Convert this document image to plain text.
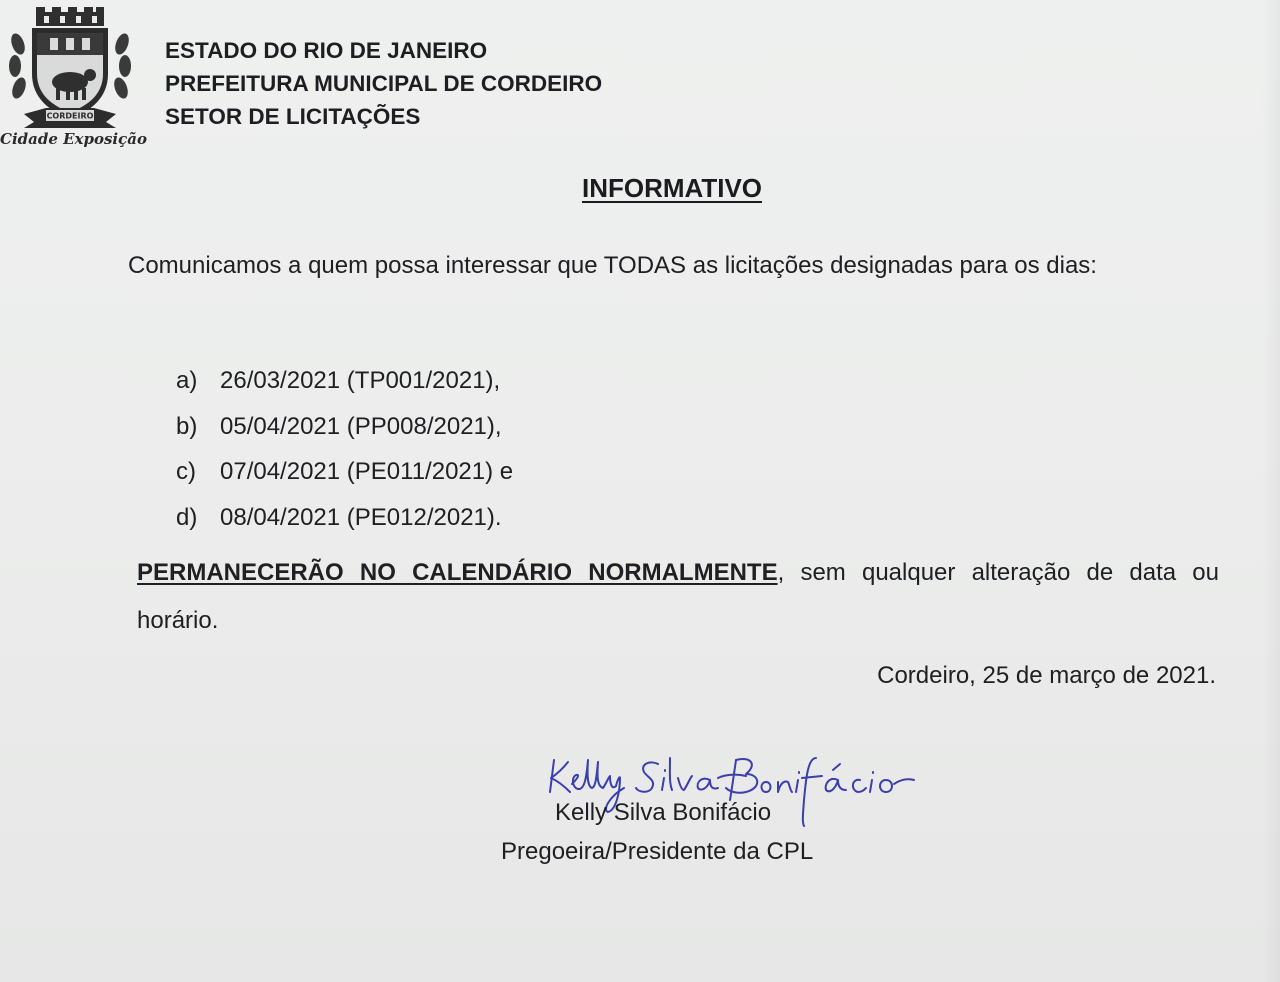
CORDEIRO
Cidade Exposição
ESTADO DO RIO DE JANEIRO
PREFEITURA MUNICIPAL DE CORDEIRO
SETOR DE LICITAÇÕES
INFORMATIVO
Comunicamos a quem possa interessar que TODAS as licitações designadas para os dias:
a) 26/03/2021 (TP001/2021),
b) 05/04/2021 (PP008/2021),
c) 07/04/2021 (PE011/2021) e
d) 08/04/2021 (PE012/2021).
PERMANECERÃO NO CALENDÁRIO NORMALMENTE, sem qualquer alteração de data ou horário.
Cordeiro, 25 de março de 2021.
Kelly Silva Bonifácio
Pregoeira/Presidente da CPL
